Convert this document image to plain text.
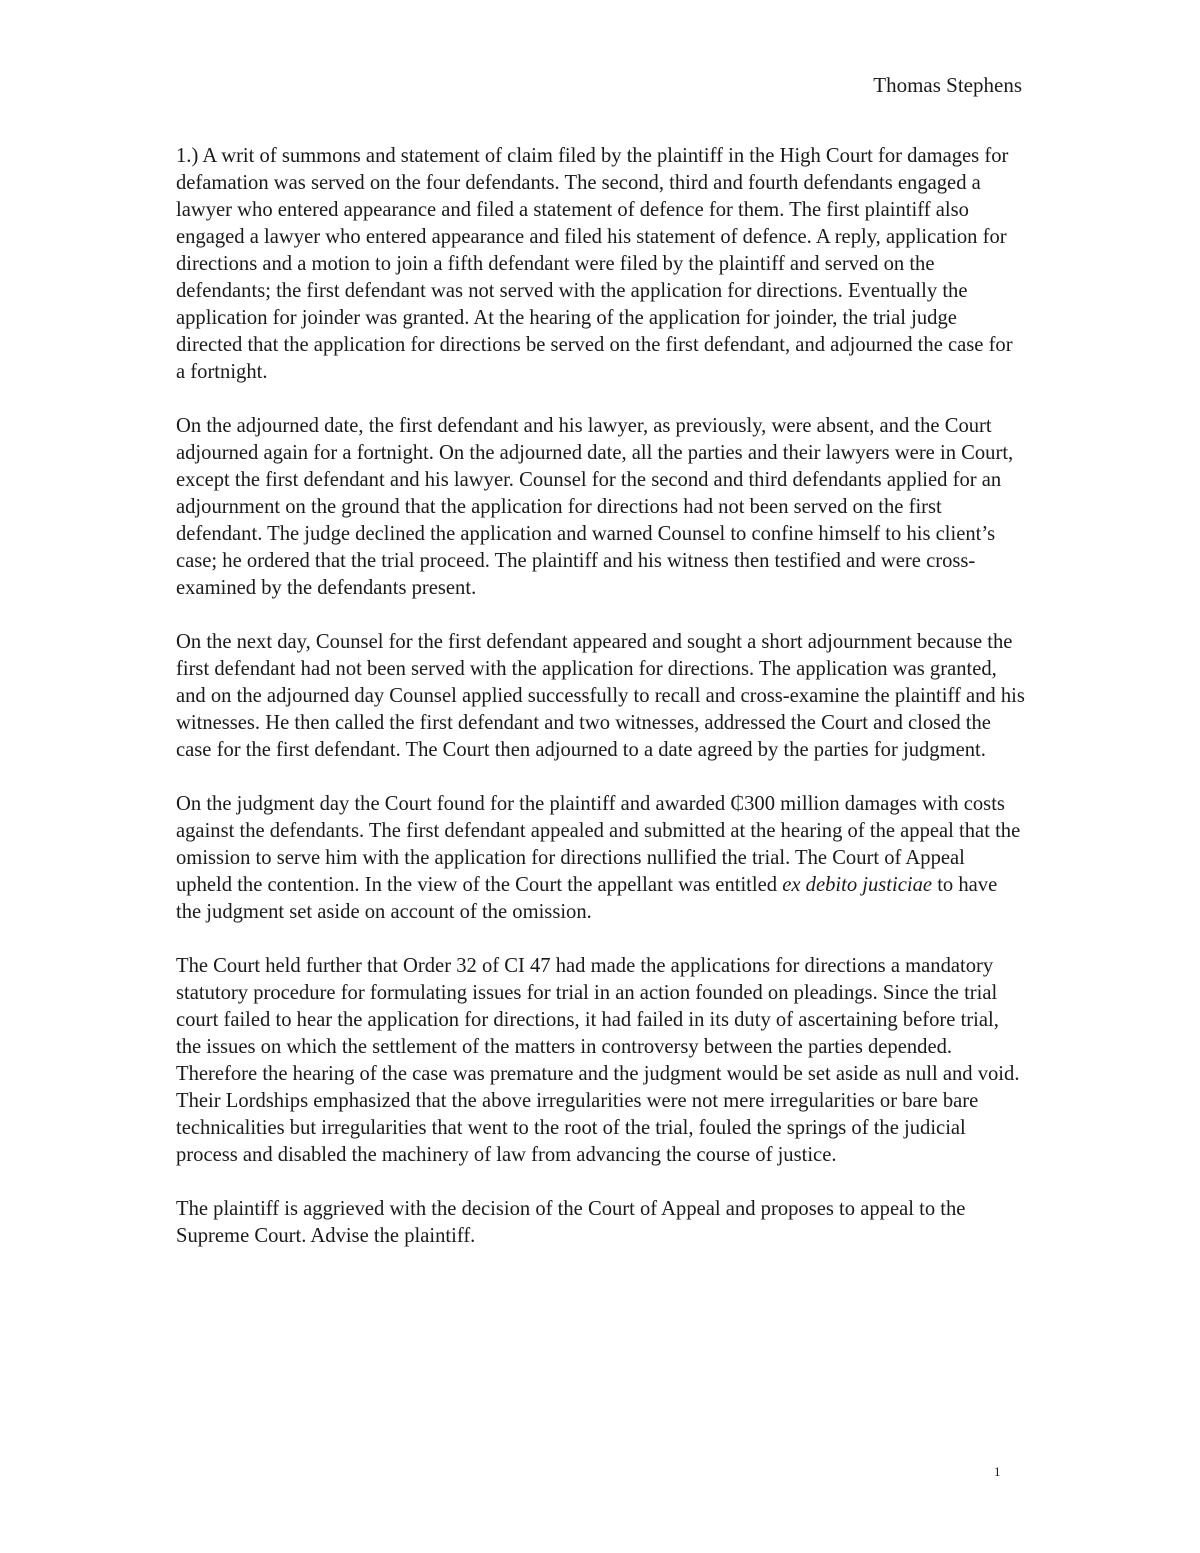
Thomas Stephens

1.) A writ of summons and statement of claim filed by the plaintiff in the High Court for damages for defamation was served on the four defendants. The second, third and fourth defendants engaged a lawyer who entered appearance and filed a statement of defence for them. The first plaintiff also engaged a lawyer who entered appearance and filed his statement of defence. A reply, application for directions and a motion to join a fifth defendant were filed by the plaintiff and served on the defendants; the first defendant was not served with the application for directions. Eventually the application for joinder was granted. At the hearing of the application for joinder, the trial judge directed that the application for directions be served on the first defendant, and adjourned the case for a fortnight.

On the adjourned date, the first defendant and his lawyer, as previously, were absent, and the Court adjourned again for a fortnight. On the adjourned date, all the parties and their lawyers were in Court, except the first defendant and his lawyer. Counsel for the second and third defendants applied for an adjournment on the ground that the application for directions had not been served on the first defendant. The judge declined the application and warned Counsel to confine himself to his client’s case; he ordered that the trial proceed. The plaintiff and his witness then testified and were cross-examined by the defendants present.

On the next day, Counsel for the first defendant appeared and sought a short adjournment because the first defendant had not been served with the application for directions. The application was granted, and on the adjourned day Counsel applied successfully to recall and cross-examine the plaintiff and his witnesses. He then called the first defendant and two witnesses, addressed the Court and closed the case for the first defendant. The Court then adjourned to a date agreed by the parties for judgment.

On the judgment day the Court found for the plaintiff and awarded ₵300 million damages with costs against the defendants. The first defendant appealed and submitted at the hearing of the appeal that the omission to serve him with the application for directions nullified the trial. The Court of Appeal upheld the contention. In the view of the Court the appellant was entitled ex debito justiciae to have the judgment set aside on account of the omission.

The Court held further that Order 32 of CI 47 had made the applications for directions a mandatory statutory procedure for formulating issues for trial in an action founded on pleadings. Since the trial court failed to hear the application for directions, it had failed in its duty of ascertaining before trial, the issues on which the settlement of the matters in controversy between the parties depended. Therefore the hearing of the case was premature and the judgment would be set aside as null and void. Their Lordships emphasized that the above irregularities were not mere irregularities or bare bare technicalities but irregularities that went to the root of the trial, fouled the springs of the judicial process and disabled the machinery of law from advancing the course of justice.

The plaintiff is aggrieved with the decision of the Court of Appeal and proposes to appeal to the Supreme Court. Advise the plaintiff.

1
